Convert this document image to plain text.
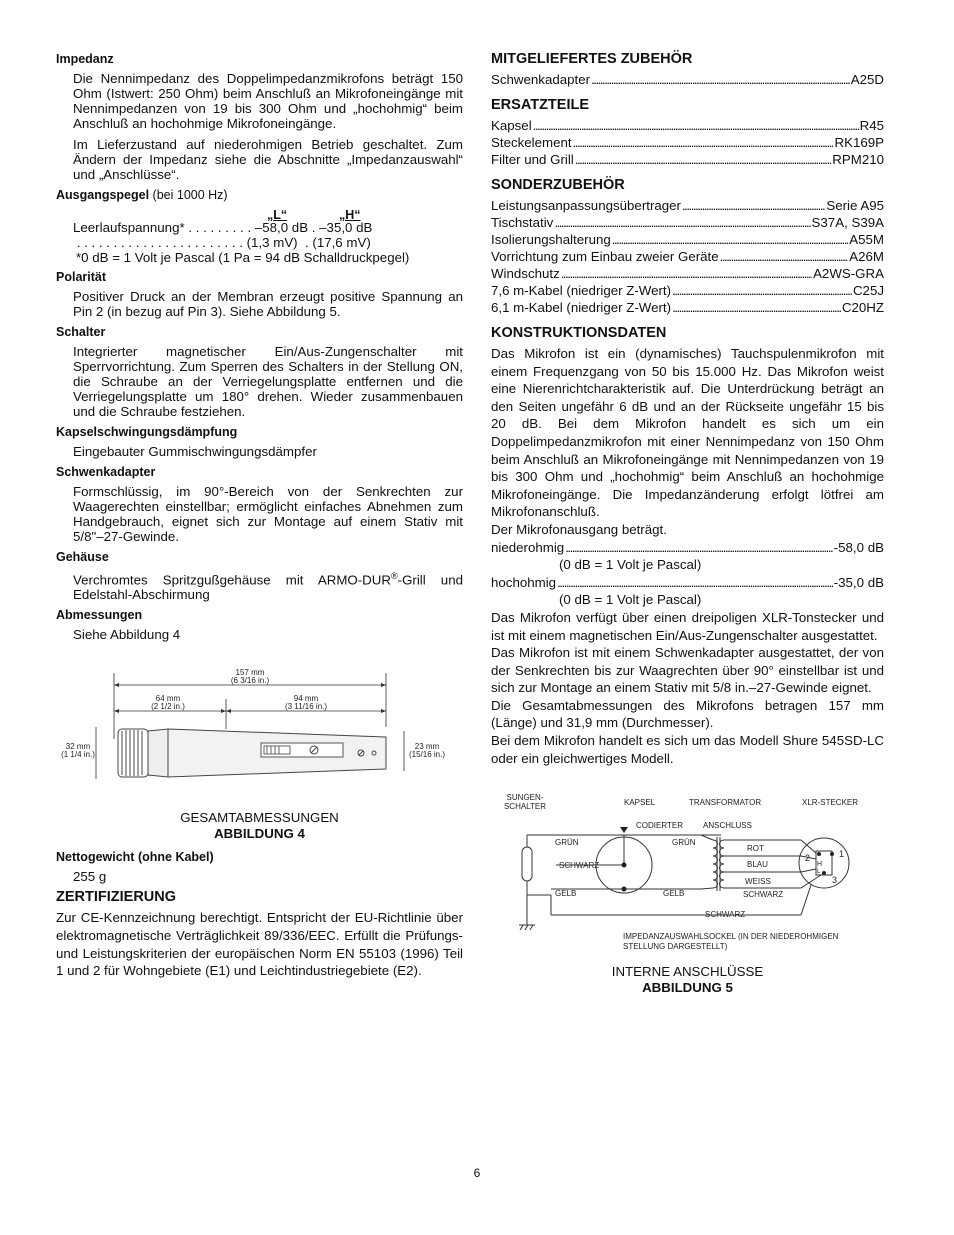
Impedanz
Die Nennimpedanz des Doppelimpedanzmikrofons beträgt 150 Ohm (Istwert: 250 Ohm) beim Anschluß an Mikrofoneingänge mit Nennimpedanzen von 19 bis 300 Ohm und „hochohmig“ beim Anschluß an hochohmige Mikrofoneingänge.
Im Lieferzustand auf niederohmigen Betrieb geschaltet. Zum Ändern der Impedanz siehe die Abschnitte „Impedanzauswahl“ und „Anschlüsse“.
Ausgangspegel (bei 1000 Hz)
„L“	„H“
Leerlaufspannung* . . . . . . . . . –58,0 dB . –35,0 dB
. . . . . . . . . . . . . . . . . . . . . . . (1,3 mV)  . (17,6 mV)
*0 dB = 1 Volt je Pascal (1 Pa = 94 dB Schalldruckpegel)
Polarität
Positiver Druck an der Membran erzeugt positive Spannung an Pin 2 (in bezug auf Pin 3). Siehe Abbildung 5.
Schalter
Integrierter magnetischer Ein/Aus-Zungenschalter mit Sperrvorrichtung. Zum Sperren des Schalters in der Stellung ON, die Schraube an der Verriegelungsplatte entfernen und die Verriegelungsplatte um 180° drehen. Wieder zusammenbauen und die Schraube festziehen.
Kapselschwingungsdämpfung
Eingebauter Gummischwingungsdämpfer
Schwenkadapter
Formschlüssig, im 90°-Bereich von der Senkrechten zur Waagerechten einstellbar; ermöglicht einfaches Abnehmen zum Handgebrauch, eignet sich zur Montage auf einem Stativ mit 5/8"–27-Gewinde.
Gehäuse
Verchromtes Spritzgußgehäuse mit ARMO-DUR®-Grill und Edelstahl-Abschirmung
Abmessungen
Siehe Abbildung 4
157 mm
(6 3/16 in.)
64 mm
(2 1/2 in.)
94 mm
(3 11/16 in.)
32 mm
(1 1/4 in.)
23 mm
(15/16 in.)
GESAMTABMESSUNGEN
ABBILDUNG 4
Nettogewicht (ohne Kabel)
255 g
ZERTIFIZIERUNG
Zur CE-Kennzeichnung berechtigt. Entspricht der EU-Richtlinie über elektromagnetische Verträglichkeit 89/336/EEC. Erfüllt die Prüfungs- und Leistungskriterien der europäischen Norm EN 55103 (1996) Teil 1 und 2 für Wohngebiete (E1) und Leichtindustriegebiete (E2).
MITGELIEFERTES ZUBEHÖR
Schwenkadapter . . .	A25D
ERSATZTEILE
Kapsel . . .	R45
Steckelement . . .	RK169P
Filter und Grill . . .	RPM210
SONDERZUBEHÖR
Leistungsanpassungsübertrager . . .	Serie A95
Tischstativ . . .	S37A, S39A
Isolierungshalterung . . .	A55M
Vorrichtung zum Einbau zweier Geräte . . .	A26M
Windschutz . . .	A2WS-GRA
7,6 m-Kabel (niedriger Z-Wert) . . .	C25J
6,1 m-Kabel (niedriger Z-Wert) . . .	C20HZ
KONSTRUKTIONSDATEN
Das Mikrofon ist ein (dynamisches) Tauchspulenmikrofon mit einem Frequenzgang von 50 bis 15.000 Hz. Das Mikrofon weist eine Nierenrichtcharakteristik auf. Die Unterdrückung beträgt an den Seiten ungefähr 6 dB und an der Rückseite ungefähr 15 bis 20 dB. Bei dem Mikrofon handelt es sich um ein Doppelimpedanzmikrofon mit einer Nennimpedanz von 150 Ohm beim Anschluß an Mikrofoneingänge mit Nennimpedanzen von 19 bis 300 Ohm und „hochohmig“ beim Anschluß an hochohmige Mikrofoneingänge. Die Impedanzänderung erfolgt lötfrei am Mikrofonanschluß.
Der Mikrofonausgang beträgt.
niederohmig . . .	-58,0 dB
(0 dB = 1 Volt je Pascal)
hochohmig . . .	-35,0 dB
(0 dB = 1 Volt je Pascal)
Das Mikrofon verfügt über einen dreipoligen XLR-Tonstecker und ist mit einem magnetischen Ein/Aus-Zungenschalter ausgestattet.
Das Mikrofon ist mit einem Schwenkadapter ausgestattet, der von der Senkrechten bis zur Waagrechten über 90° einstellbar ist und sich zur Montage an einem Stativ mit 5/8 in.–27-Gewinde eignet.
Die Gesamtabmessungen des Mikrofons betragen 157 mm (Länge) und 31,9 mm (Durchmesser).
Bei dem Mikrofon handelt es sich um das Modell Shure 545SD-LC oder ein gleichwertiges Modell.
SUNGEN-
SCHALTER	KAPSEL	TRANSFORMATOR	XLR-STECKER
CODIERTER	ANSCHLUSS
GRÜN	GRÜN
SCHWARZ
GELB	GELB
ROT
BLAU
WEISS
SCHWARZ
SCHWARZ
IMPEDANZAUSWAHLSOCKEL (IN DER NIEDEROHMIGEN
STELLUNG DARGESTELLT)
2	1
3
H
L
INTERNE ANSCHLÜSSE
ABBILDUNG 5
6
